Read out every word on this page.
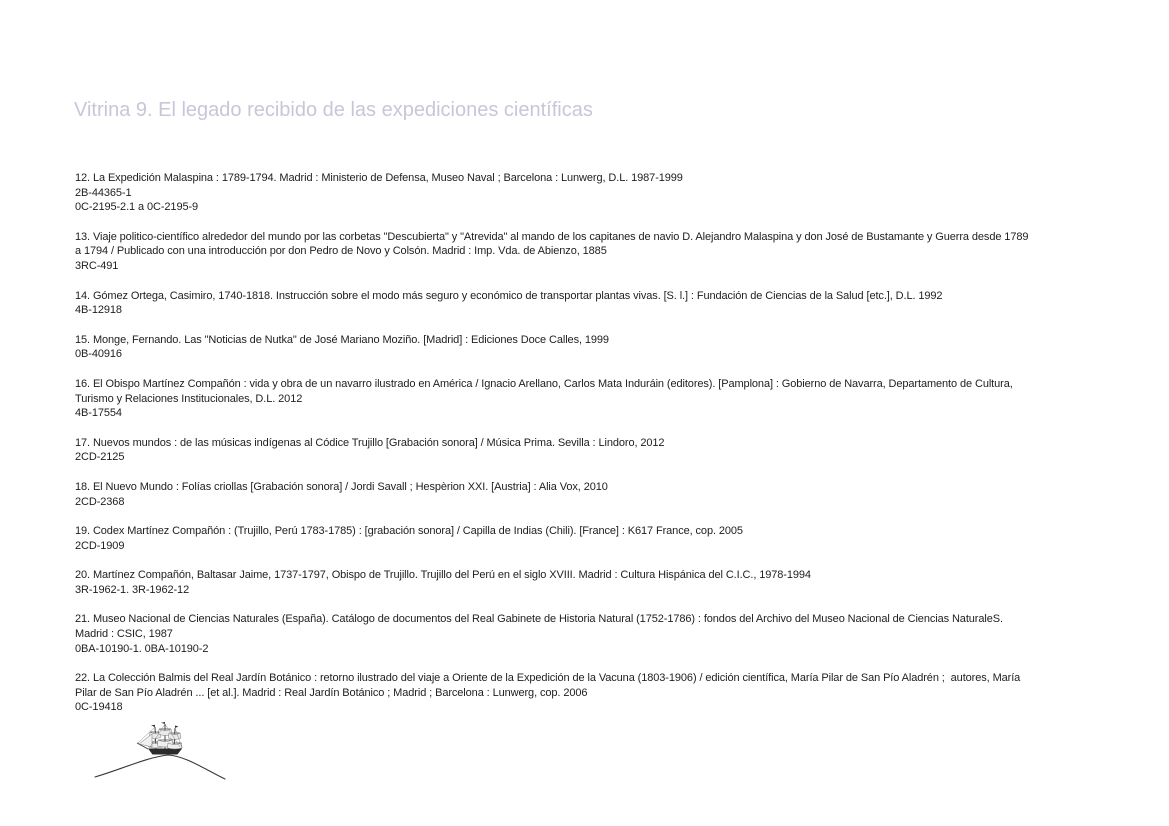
Vitrina 9. El legado recibido de las expediciones científicas
12. La Expedición Malaspina : 1789-1794. Madrid : Ministerio de Defensa, Museo Naval ; Barcelona : Lunwerg, D.L. 1987-1999
2B-44365-1
0C-2195-2.1 a 0C-2195-9
13. Viaje politico-científico alrededor del mundo por las corbetas "Descubierta" y "Atrevida" al mando de los capitanes de navio D. Alejandro Malaspina y don José de Bustamante y Guerra desde 1789
a 1794 / Publicado con una introducción por don Pedro de Novo y Colsón. Madrid : Imp. Vda. de Abienzo, 1885
3RC-491
14. Gómez Ortega, Casimiro, 1740-1818. Instrucción sobre el modo más seguro y económico de transportar plantas vivas. [S. l.] : Fundación de Ciencias de la Salud [etc.], D.L. 1992
4B-12918
15. Monge, Fernando. Las "Noticias de Nutka" de José Mariano Moziño. [Madrid] : Ediciones Doce Calles, 1999
0B-40916
16. El Obispo Martínez Compañón : vida y obra de un navarro ilustrado en América / Ignacio Arellano, Carlos Mata Induráin (editores). [Pamplona] : Gobierno de Navarra, Departamento de Cultura,
Turismo y Relaciones Institucionales, D.L. 2012
4B-17554
17. Nuevos mundos : de las músicas indígenas al Códice Trujillo [Grabación sonora] / Música Prima. Sevilla : Lindoro, 2012
2CD-2125
18. El Nuevo Mundo : Folías criollas [Grabación sonora] / Jordi Savall ; Hespèrion XXI. [Austria] : Alia Vox, 2010
2CD-2368
19. Codex Martínez Compañón : (Trujillo, Perú 1783-1785) : [grabación sonora] / Capilla de Indias (Chili). [France] : K617 France, cop. 2005
2CD-1909
20. Martínez Compañón, Baltasar Jaime, 1737-1797, Obispo de Trujillo. Trujillo del Perú en el siglo XVIII. Madrid : Cultura Hispánica del C.I.C., 1978-1994
3R-1962-1. 3R-1962-12
21. Museo Nacional de Ciencias Naturales (España). Catálogo de documentos del Real Gabinete de Historia Natural (1752-1786) : fondos del Archivo del Museo Nacional de Ciencias NaturaleS.
Madrid : CSIC, 1987
0BA-10190-1. 0BA-10190-2
22. La Colección Balmis del Real Jardín Botánico : retorno ilustrado del viaje a Oriente de la Expedición de la Vacuna (1803-1906) / edición científica, María Pilar de San Pío Aladrén ;  autores, María
Pilar de San Pío Aladrén ... [et al.]. Madrid : Real Jardín Botánico ; Madrid ; Barcelona : Lunwerg, cop. 2006
0C-19418
